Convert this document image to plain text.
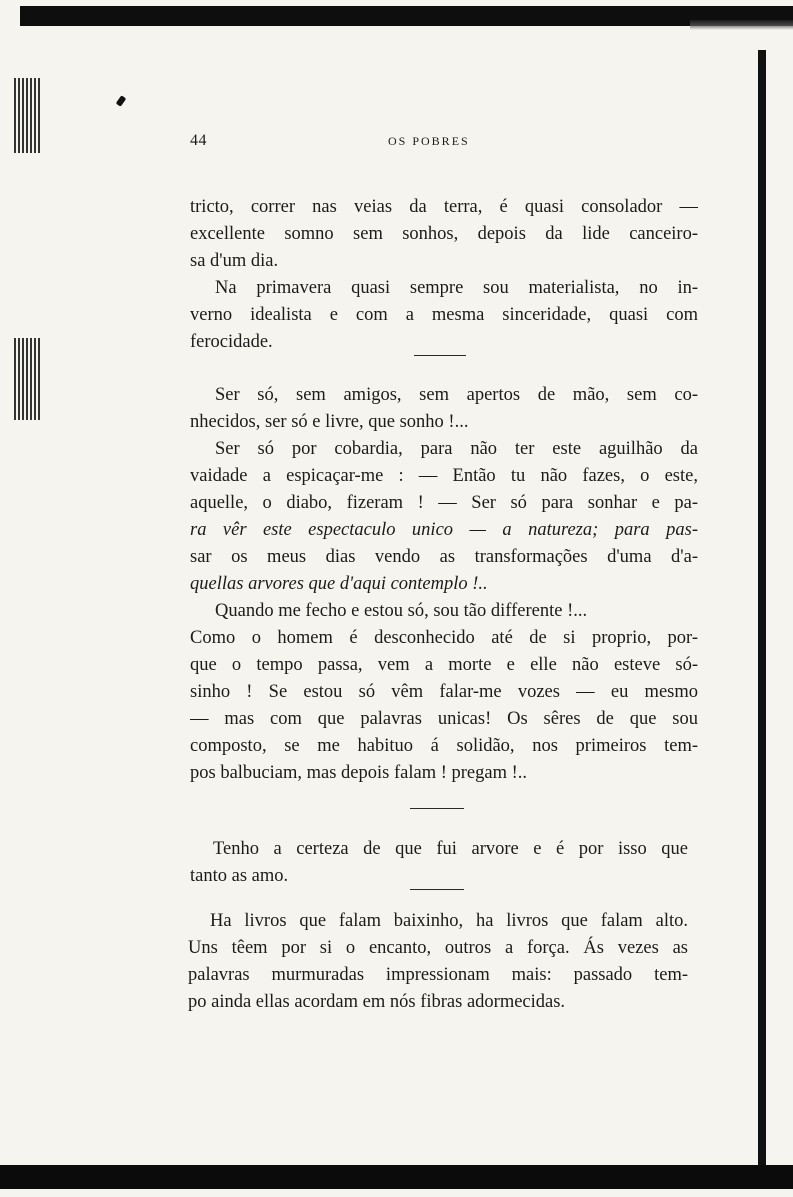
44	OS POBRES

tricto, correr nas veias da terra, é quasi consolador —

excellente somno sem sonhos, depois da lide canceiro-

sa d'um dia.

Na primavera quasi sempre sou materialista, no in-

verno idealista e com a mesma sinceridade, quasi com

ferocidade.

Ser só, sem amigos, sem apertos de mão, sem co-

nhecidos, ser só e livre, que sonho !...

Ser só por cobardia, para não ter este aguilhão da

vaidade a espicaçar-me : — Então tu não fazes, o este,

aquelle, o diabo, fizeram ! — Ser só para sonhar e pa-

ra vêr este espectaculo unico — a natureza; para pas-

sar os meus dias vendo as transformações d'uma d'a-

quellas arvores que d'aqui contemplo !..

Quando me fecho e estou só, sou tão differente !...

Como o homem é desconhecido até de si proprio, por-

que o tempo passa, vem a morte e elle não esteve só-

sinho ! Se estou só vêm falar-me vozes — eu mesmo

— mas com que palavras unicas! Os sêres de que sou

composto, se me habituo á solidão, nos primeiros tem-

pos balbuciam, mas depois falam ! pregam !..

Tenho a certeza de que fui arvore e é por isso que

tanto as amo.

Ha livros que falam baixinho, ha livros que falam alto.

Uns têem por si o encanto, outros a força. Ás vezes as

palavras murmuradas impressionam mais: passado tem-

po ainda ellas acordam em nós fibras adormecidas.
